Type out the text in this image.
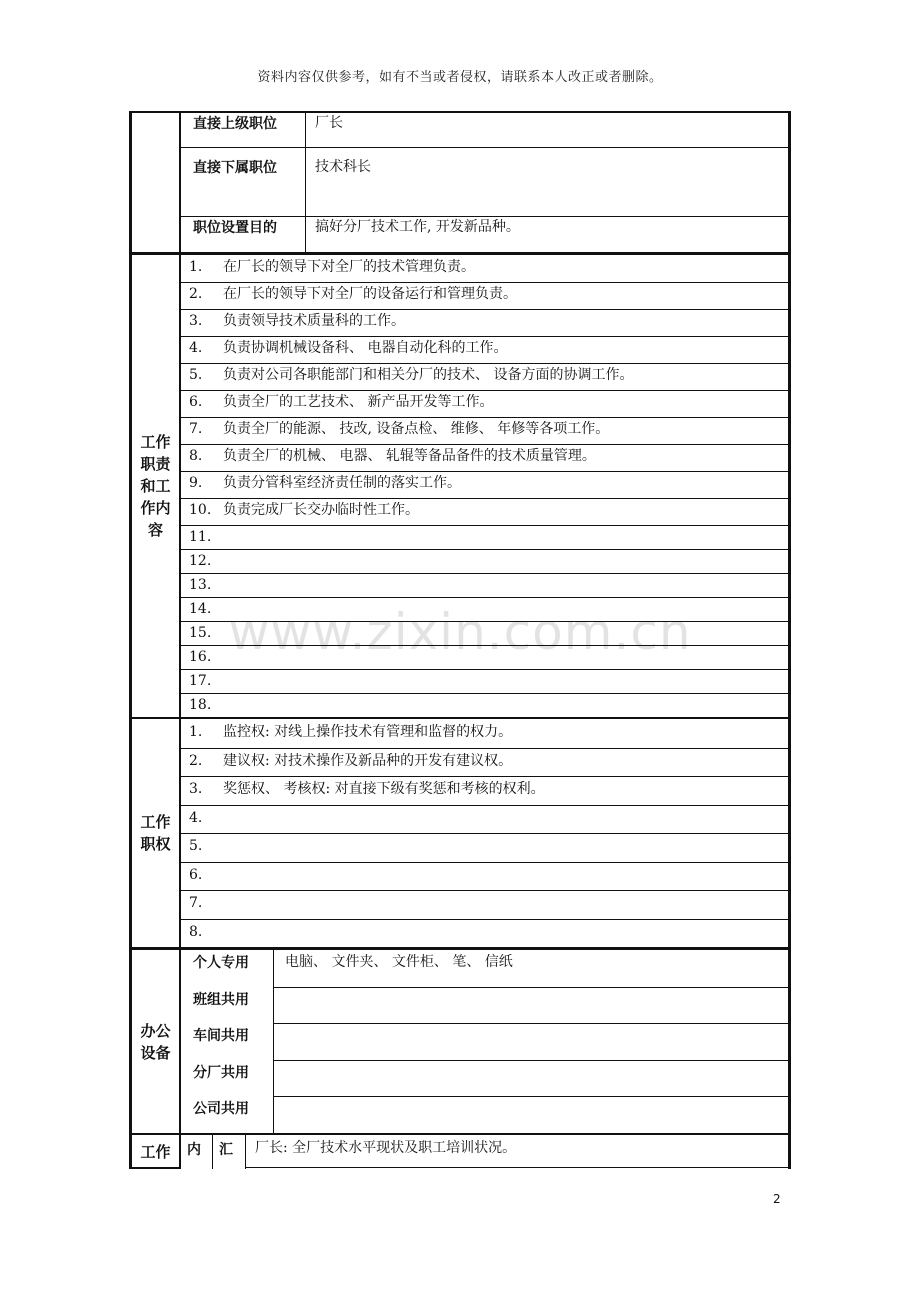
资料内容仅供参考，如有不当或者侵权，请联系本人改正或者删除。
www.zixin.com.cn
直接上级职位	厂长
直接下属职位	技术科长
职位设置目的	搞好分厂技术工作, 开发新品种。
1. 在厂长的领导下对全厂的技术管理负责。
2. 在厂长的领导下对全厂的设备运行和管理负责。
3. 负责领导技术质量科的工作。
4. 负责协调机械设备科、 电器自动化科的工作。
5. 负责对公司各职能部门和相关分厂的技术、 设备方面的协调工作。
6. 负责全厂的工艺技术、 新产品开发等工作。
7. 负责全厂的能源、 技改, 设备点检、 维修、 年修等各项工作。
8. 负责全厂的机械、 电器、 轧辊等备品备件的技术质量管理。
9. 负责分管科室经济责任制的落实工作。
10. 负责完成厂长交办临时性工作。
11.
12.
13.
14.
15.
16.
17.
18.
工作
职责
和工
作内
容
1. 监控权: 对线上操作技术有管理和监督的权力。
2. 建议权: 对技术操作及新品种的开发有建议权。
3. 奖惩权、 考核权: 对直接下级有奖惩和考核的权利。
4.
5.
6.
7.
8.
工作
职权
个人专用	电脑、 文件夹、 文件柜、 笔、 信纸
班组共用
车间共用
分厂共用
公司共用
办公
设备
工作	内 汇 厂长: 全厂技术水平现状及职工培训状况。
2
